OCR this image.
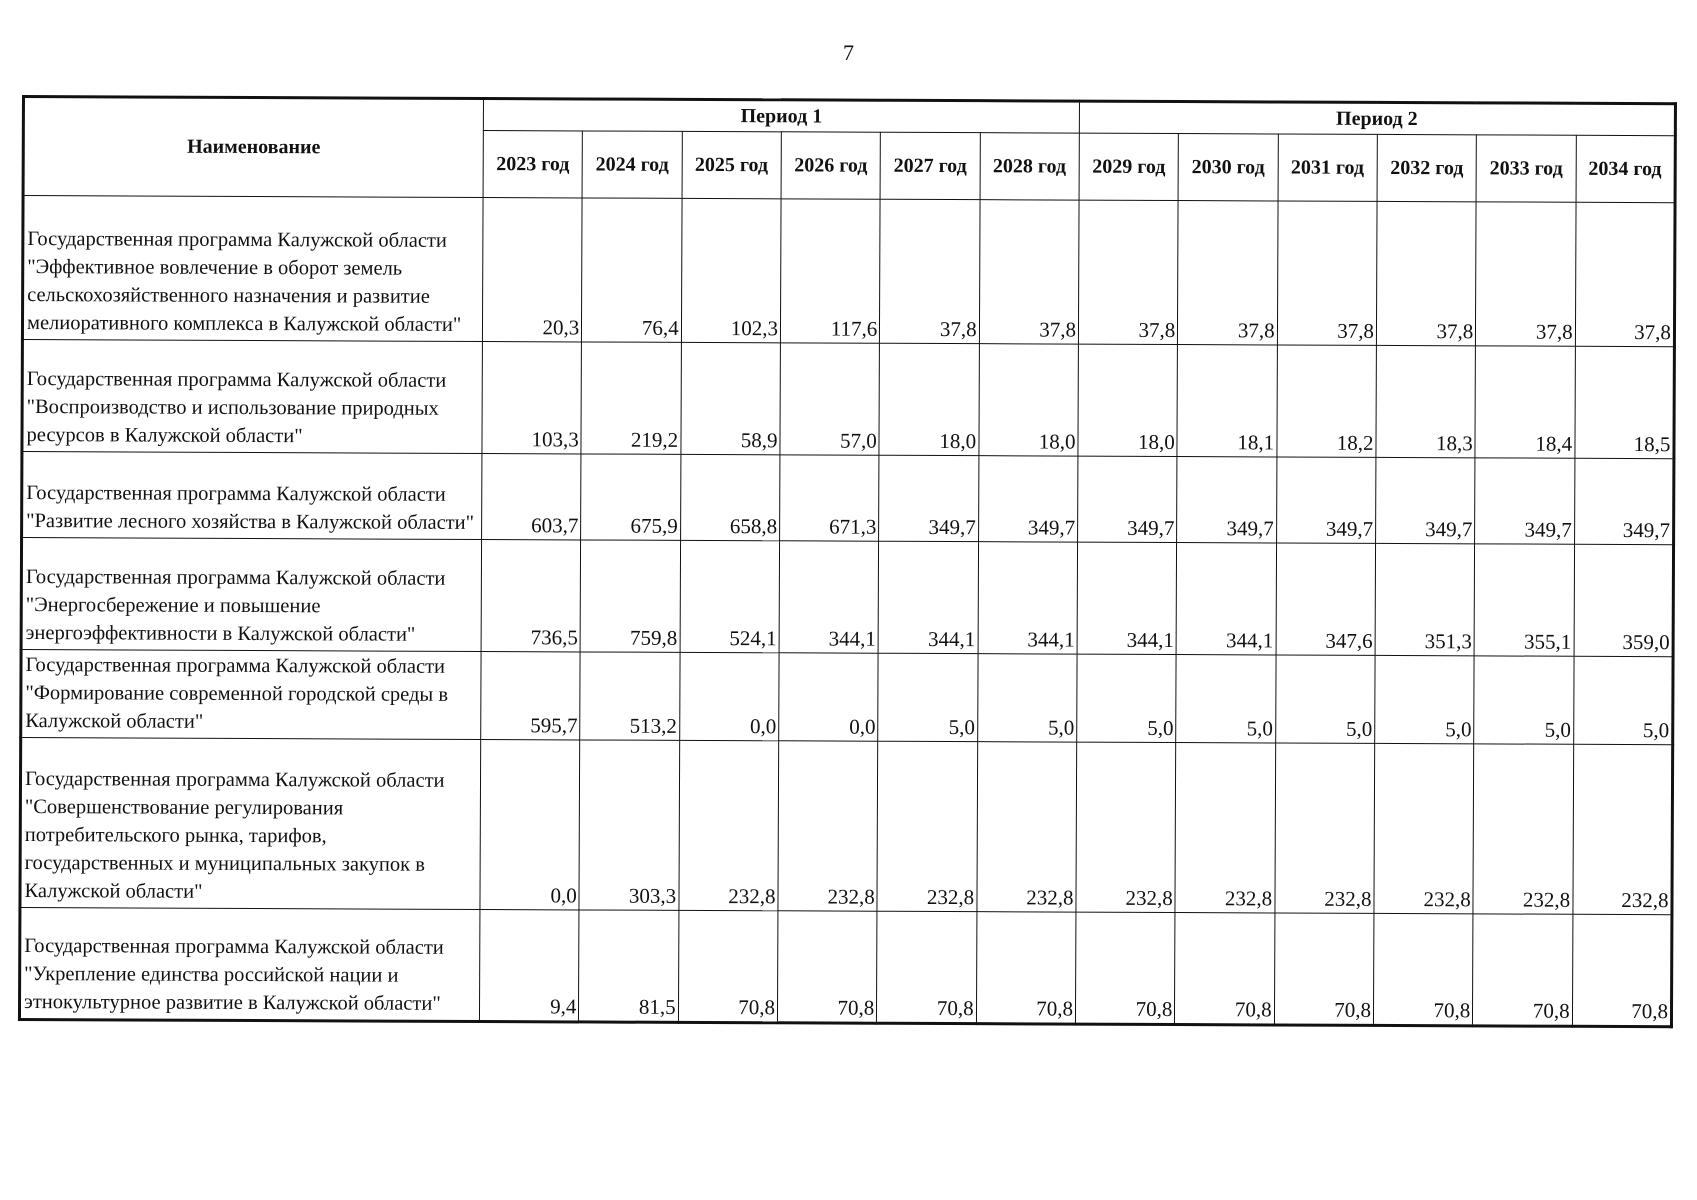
7
Наименование	Период 1						Период 2					
	2023 год	2024 год	2025 год	2026 год	2027 год	2028 год	2029 год	2030 год	2031 год	2032 год	2033 год	2034 год
Государственная программа Калужской области "Эффективное вовлечение в оборот земель сельскохозяйственного назначения и развитие мелиоративного комплекса в Калужской области"	20,3	76,4	102,3	117,6	37,8	37,8	37,8	37,8	37,8	37,8	37,8	37,8
Государственная программа Калужской области "Воспроизводство и использование природных ресурсов в Калужской области"	103,3	219,2	58,9	57,0	18,0	18,0	18,0	18,1	18,2	18,3	18,4	18,5
Государственная программа Калужской области "Развитие лесного хозяйства в Калужской области"	603,7	675,9	658,8	671,3	349,7	349,7	349,7	349,7	349,7	349,7	349,7	349,7
Государственная программа Калужской области "Энергосбережение и повышение энергоэффективности в Калужской области"	736,5	759,8	524,1	344,1	344,1	344,1	344,1	344,1	347,6	351,3	355,1	359,0
Государственная программа Калужской области "Формирование современной городской среды в Калужской области"	595,7	513,2	0,0	0,0	5,0	5,0	5,0	5,0	5,0	5,0	5,0	5,0
Государственная программа Калужской области "Совершенствование регулирования потребительского рынка, тарифов, государственных и муниципальных закупок в Калужской области"	0,0	303,3	232,8	232,8	232,8	232,8	232,8	232,8	232,8	232,8	232,8	232,8
Государственная программа Калужской области "Укрепление единства российской нации и этнокультурное развитие в Калужской области"	9,4	81,5	70,8	70,8	70,8	70,8	70,8	70,8	70,8	70,8	70,8	70,8
